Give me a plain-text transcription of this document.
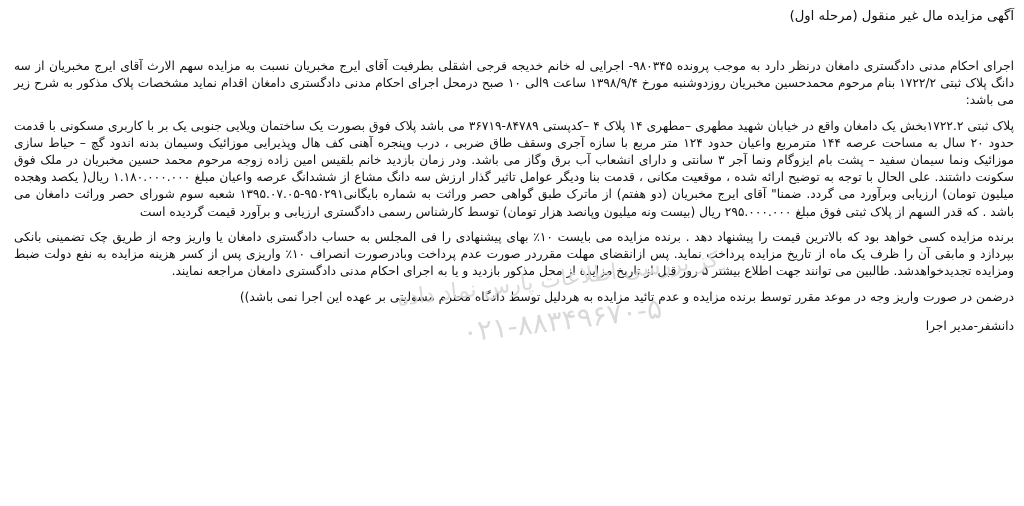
آگهی مزایده مال غیر منقول (مرحله اول)
اجرای احکام مدنی دادگستری دامغان درنظر دارد به موجب پرونده ۹۸۰۳۴۵- اجرایی له خانم خدیجه فرجی اشقلی بطرفیت آقای ایرج مخبریان نسبت به مزایده سهم الارث آقای ایرج مخبریان از سه دانگ پلاک ثبتی ۱۷۲۲/۲ بنام مرحوم محمدحسین مخبریان روزدوشنبه مورخ ۱۳۹۸/۹/۴ ساعت ۹الی ۱۰ صبح درمحل اجرای احکام مدنی دادگستری دامغان اقدام نماید مشخصات پلاک مذکور به شرح زیر می باشد:
پلاک ثبتی ۱۷۲۲.۲بخش یک دامغان واقع در خیابان شهید مطهری –مطهری ۱۴ پلاک ۴ –کدپستی ۸۴۷۸۹-۳۶۷۱۹ می باشد پلاک فوق بصورت یک ساختمان ویلایی جنوبی یک بر با کاربری مسکونی با قدمت حدود ۲۰ سال به مساحت عرصه ۱۴۴ مترمربع واعیان حدود ۱۲۴ متر مربع با سازه آجری وسقف طاق ضربی ، درب وپنجره آهنی کف هال وپذیرایی موزائیک وسیمان بدنه اندود گچ – حیاط سازی موزائیک ونما سیمان سفید – پشت بام ایزوگام ونما آجر ۳ سانتی و دارای انشعاب آب برق وگاز می باشد. ودر زمان بازدید خانم بلقیس امین زاده زوجه مرحوم محمد حسین مخبریان در ملک فوق سکونت داشتند. علی الحال با توجه به توضیح ارائه شده ، موقعیت مکانی ، قدمت بنا ودیگر عوامل تاثیر گذار ارزش سه دانگ مشاع از ششدانگ عرصه واعیان مبلغ ۱.۱۸۰.۰۰۰.۰۰۰ ریال( یکصد وهجده میلیون تومان) ارزیابی وبرآورد می گردد. ضمنا" آقای ایرج مخبریان (دو هفتم) از ماترک طبق گواهی حصر وراثت به شماره بایگانی۹۵۰۲۹۱-۱۳۹۵.۰۷.۰۵ شعبه سوم شورای حصر وراثت دامغان می باشد . که قدر السهم از پلاک ثبتی فوق مبلغ ۲۹۵.۰۰۰.۰۰۰ ریال (بیست ونه میلیون وپانصد هزار تومان) توسط کارشناس رسمی دادگستری ارزیابی و برآورد قیمت گردیده است
برنده مزایده کسی خواهد بود که بالاترین قیمت را پیشنهاد دهد . برنده مزایده می بایست ۱۰٪ بهای پیشنهادی را فی المجلس به حساب دادگستری دامغان یا واریز وجه از طریق چک تضمینی بانکی بپردازد و مابقی آن را ظرف یک ماه از تاریخ مزایده پرداخت نماید. پس ازانقضای مهلت مقرردر صورت عدم پرداخت وبادرصورت انصراف ۱۰٪ واریزی پس از کسر هزینه مزایده به نفع دولت ضبط ومزایده تجدیدخواهدشد. طالبین می توانند جهت اطلاع بیشتر ۵ روز قبل از تاریخ مزایده از محل مذکور بازدید و یا به اجرای احکام مدنی دادگستری دامغان مراجعه نمایند.
درضمن در صورت واریز وجه در موعد مقرر توسط برنده مزایده و عدم تائید مزایده به هردلیل توسط دادگاه محترم مسولیتی بر عهده این اجرا نمی باشد))
دانشفر-مدیر اجرا
مرکز بررسی اطلاعات پارس نماد داده ۰۲۱-۸۸۳۴۹۶۷۰-۵
